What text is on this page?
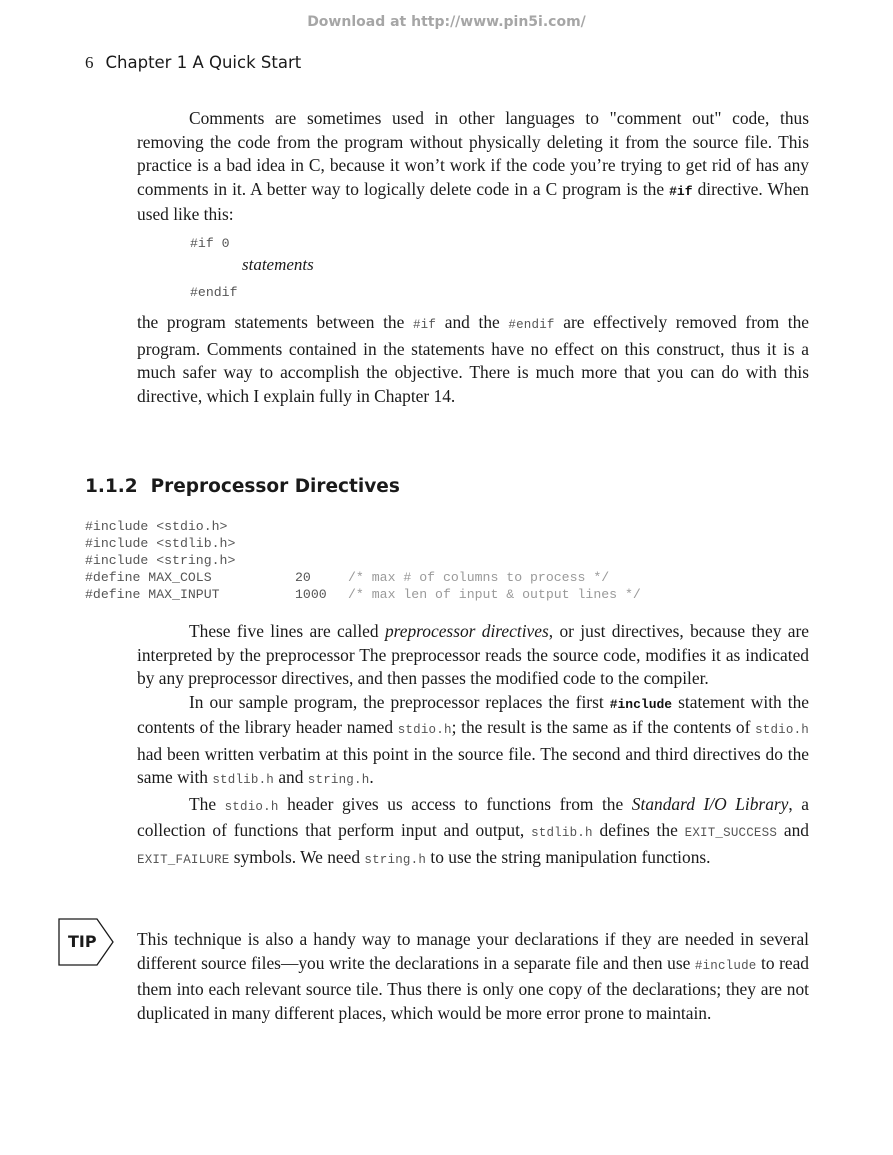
Download at http://www.pin5i.com/
6 Chapter 1 A Quick Start

Comments are sometimes used in other languages to "comment out" code, thus removing the code from the program without physically deleting it from the source file. This practice is a bad idea in C, because it won’t work if the code you’re trying to get rid of has any comments in it. A better way to logically delete code in a C program is the #if directive. When used like this:

#if 0
statements
#endif

the program statements between the #if and the #endif are effectively removed from the program. Comments contained in the statements have no effect on this construct, thus it is a much safer way to accomplish the objective. There is much more that you can do with this directive, which I explain fully in Chapter 14.

1.1.2 Preprocessor Directives
#include <stdio.h>
#include <stdlib.h>
#include <string.h>
#define MAX_COLS	20	/* max # of columns to process */
#define MAX_INPUT	1000 /* max len of input & output lines */

These five lines are called preprocessor directives, or just directives, because they are interpreted by the preprocessor The preprocessor reads the source code, modifies it as indicated by any preprocessor directives, and then passes the modified code to the compiler.

In our sample program, the preprocessor replaces the first #include statement with the contents of the library header named stdio.h; the result is the same as if the contents of stdio.h had been written verbatim at this point in the source file. The second and third directives do the same with stdlib.h and string.h.

The stdio.h header gives us access to functions from the Standard I/O Library, a collection of functions that perform input and output, stdlib.h defines the EXIT_SUCCESS and EXIT_FAILURE symbols. We need string.h to use the string manipulation functions.

TIP This technique is also a handy way to manage your declarations if they are needed in several different source files—you write the declarations in a separate file and then use #include to read them into each relevant source tile. Thus there is only one copy of the declarations; they are not duplicated in many different places, which would be more error prone to maintain.
